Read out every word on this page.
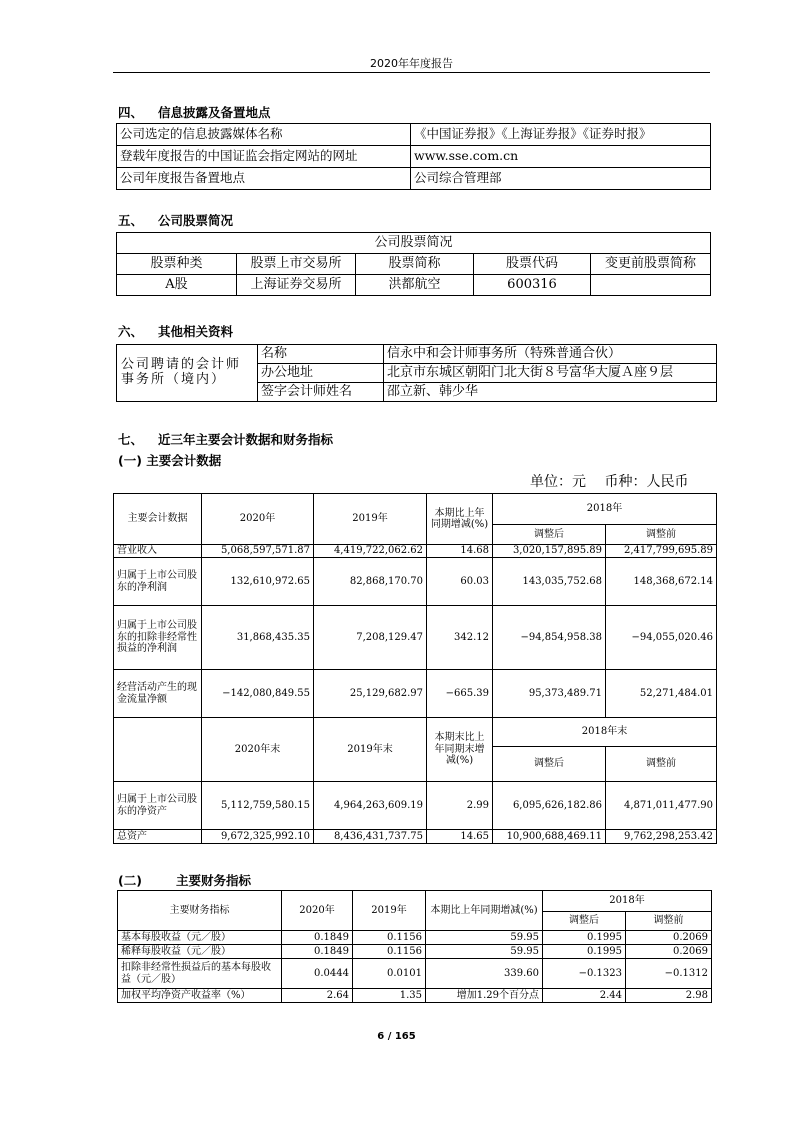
2020年年度报告
四、 信息披露及备置地点
公司选定的信息披露媒体名称	《中国证券报》《上海证券报》《证券时报》
登载年度报告的中国证监会指定网站的网址	www.sse.com.cn
公司年度报告备置地点	公司综合管理部
五、 公司股票简况
公司股票简况				
股票种类	股票上市交易所	股票简称	股票代码	变更前股票简称
A股	上海证券交易所	洪都航空	600316	
六、 其他相关资料
公司聘请的会计师事务所（境内）	名称	信永中和会计师事务所（特殊普通合伙）
	办公地址	北京市东城区朝阳门北大街８号富华大厦Ａ座９层
	签字会计师姓名	邵立新、韩少华
七、 近三年主要会计数据和财务指标
(一) 主要会计数据
单位：元 币种：人民币
主要会计数据	2020年	2019年	本期比上年同期增减(%)	2018年	
				调整后	调整前
营业收入	5,068,597,571.87	4,419,722,062.62	14.68	3,020,157,895.89	2,417,799,695.89
归属于上市公司股东的净利润	132,610,972.65	82,868,170.70	60.03	143,035,752.68	148,368,672.14
归属于上市公司股东的扣除非经常性损益的净利润	31,868,435.35	7,208,129.47	342.12	−94,854,958.38	−94,055,020.46
经营活动产生的现金流量净额	−142,080,849.55	25,129,682.97	−665.39	95,373,489.71	52,271,484.01
	2020年末	2019年末	本期末比上年同期末增减(%)	2018年末	
				调整后	调整前
归属于上市公司股东的净资产	5,112,759,580.15	4,964,263,609.19	2.99	6,095,626,182.86	4,871,011,477.90
总资产	9,672,325,992.10	8,436,431,737.75	14.65	10,900,688,469.11	9,762,298,253.42
(二)	主要财务指标
主要财务指标	2020年	2019年	本期比上年同期增减(%)	2018年	
				调整后	调整前
基本每股收益（元／股）	0.1849	0.1156	59.95	0.1995	0.2069
稀释每股收益（元／股）	0.1849	0.1156	59.95	0.1995	0.2069
扣除非经常性损益后的基本每股收益（元／股）	0.0444	0.0101	339.60	−0.1323	−0.1312
加权平均净资产收益率（%）	2.64	1.35	增加1.29个百分点	2.44	2.98
6 / 165
